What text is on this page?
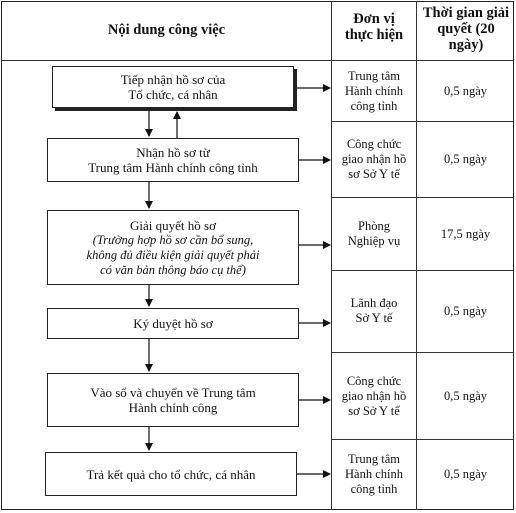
Nội dung công việc
Đơn vị thực hiện
Thời gian giải quyết (20 ngày)
Tiếp nhận hồ sơ của
Tổ chức, cá nhân
Nhận hồ sơ từ
Trung tâm Hành chính công tỉnh
Giải quyết hồ sơ
(Trường hợp hồ sơ cần bổ sung,
không đủ điều kiện giải quyết phải
có văn bản thông báo cụ thể)
Ký duyệt hồ sơ
Vào sổ và chuyển về Trung tâm
Hành chính công
Trả kết quả cho tổ chức, cá nhân
Trung tâm
Hành chính
công tỉnh
Công chức
giao nhận hồ
sơ Sở Y tế
Phòng
Nghiệp vụ
Lãnh đạo
Sở Y tế
Công chức
giao nhận hồ
sơ Sở Y tế
Trung tâm
Hành chính
công tỉnh
0,5 ngày
0,5 ngày
17,5 ngày
0,5 ngày
0,5 ngày
0,5 ngày
